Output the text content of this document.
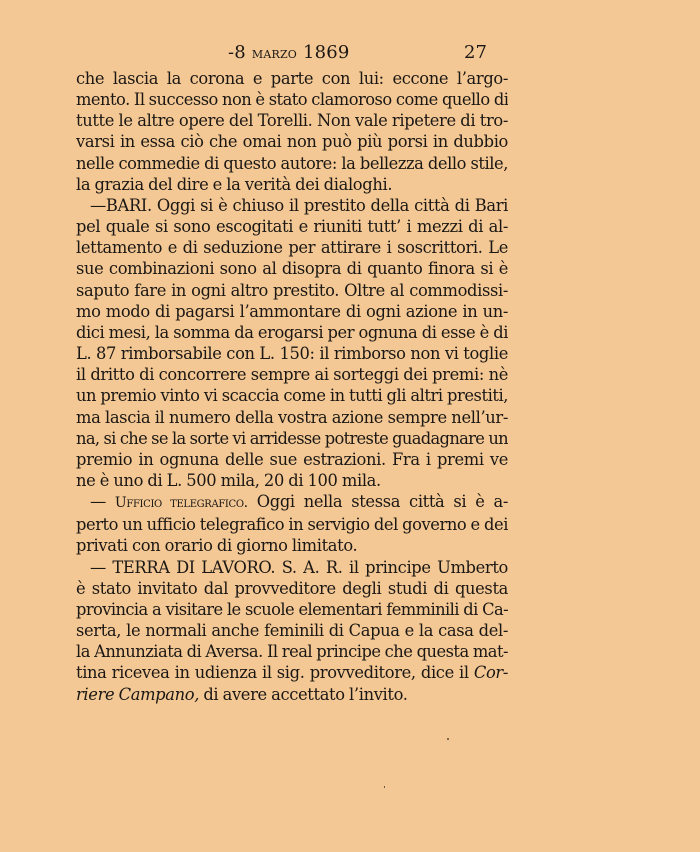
-8 marzo 1869	27
che lascia la corona e parte con lui: eccone l’argo-
mento. Il successo non è stato clamoroso come quello di
tutte le altre opere del Torelli. Non vale ripetere di tro-
varsi in essa ciò che omai non può più porsi in dubbio
nelle commedie di questo autore: la bellezza dello stile,
la grazia del dire e la verità dei dialoghi.
—BARI. Oggi si è chiuso il prestito della città di Bari
pel quale si sono escogitati e riuniti tutt’ i mezzi di al-
lettamento e di seduzione per attirare i soscrittori. Le
sue combinazioni sono al disopra di quanto finora si è
saputo fare in ogni altro prestito. Oltre al commodissi-
mo modo di pagarsi l’ammontare di ogni azione in un-
dici mesi, la somma da erogarsi per ognuna di esse è di
L. 87 rimborsabile con L. 150: il rimborso non vi toglie
il dritto di concorrere sempre ai sorteggi dei premi: nè
un premio vinto vi scaccia come in tutti gli altri prestiti,
ma lascia il numero della vostra azione sempre nell’ur-
na, si che se la sorte vi arridesse potreste guadagnare un
premio in ognuna delle sue estrazioni. Fra i premi ve
ne è uno di L. 500 mila, 20 di 100 mila.
— Ufficio telegrafico. Oggi nella stessa città si è a-
perto un ufficio telegrafico in servigio del governo e dei
privati con orario di giorno limitato.
— TERRA DI LAVORO. S. A. R. il principe Umberto
è stato invitato dal provveditore degli studi di questa
provincia a visitare le scuole elementari femminili di Ca-
serta, le normali anche feminili di Capua e la casa del-
la Annunziata di Aversa. Il real principe che questa mat-
tina riceveа in udienza il sig. provveditore, dice il Cor-
riere Campano, di avere accettato l’invito.
